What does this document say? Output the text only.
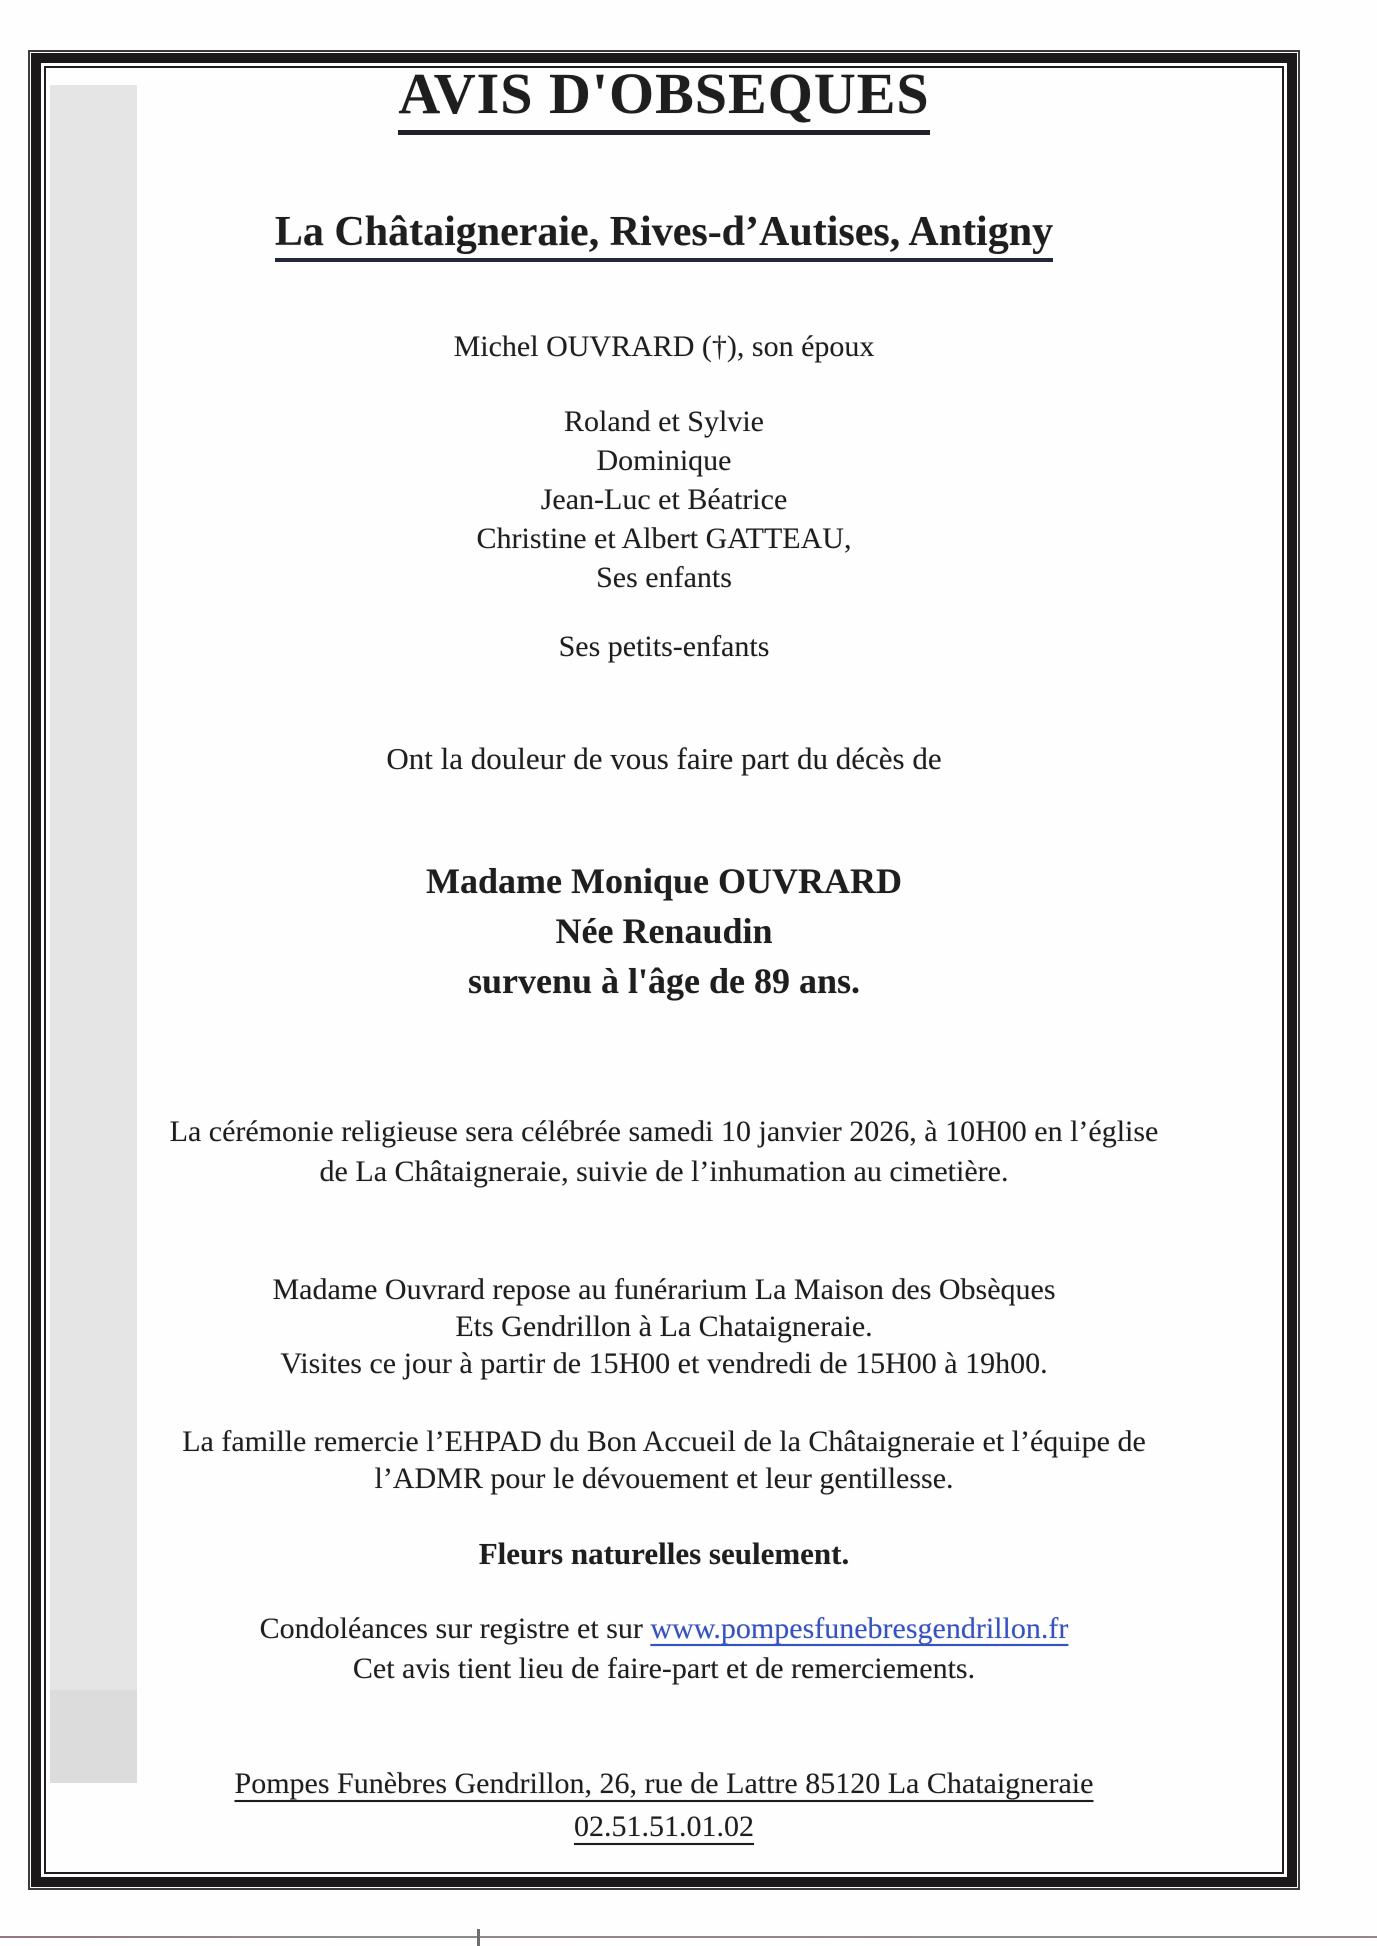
AVIS D'OBSEQUES
La Châtaigneraie, Rives-d’Autises, Antigny
Michel OUVRARD (†), son époux
Roland et Sylvie
Dominique
Jean-Luc et Béatrice
Christine et Albert GATTEAU,
Ses enfants
Ses petits-enfants
Ont la douleur de vous faire part du décès de
Madame Monique OUVRARD
Née Renaudin
survenu à l'âge de 89 ans.
La cérémonie religieuse sera célébrée samedi 10 janvier 2026, à 10H00 en l’église
de La Châtaigneraie, suivie de l’inhumation au cimetière.
Madame Ouvrard repose au funérarium La Maison des Obsèques
Ets Gendrillon à La Chataigneraie.
Visites ce jour à partir de 15H00 et vendredi de 15H00 à 19h00.
La famille remercie l’EHPAD du Bon Accueil de la Châtaigneraie et l’équipe de
l’ADMR pour le dévouement et leur gentillesse.
Fleurs naturelles seulement.
Condoléances sur registre et sur www.pompesfunebresgendrillon.fr
Cet avis tient lieu de faire-part et de remerciements.
Pompes Funèbres Gendrillon, 26, rue de Lattre 85120 La Chataigneraie
02.51.51.01.02
